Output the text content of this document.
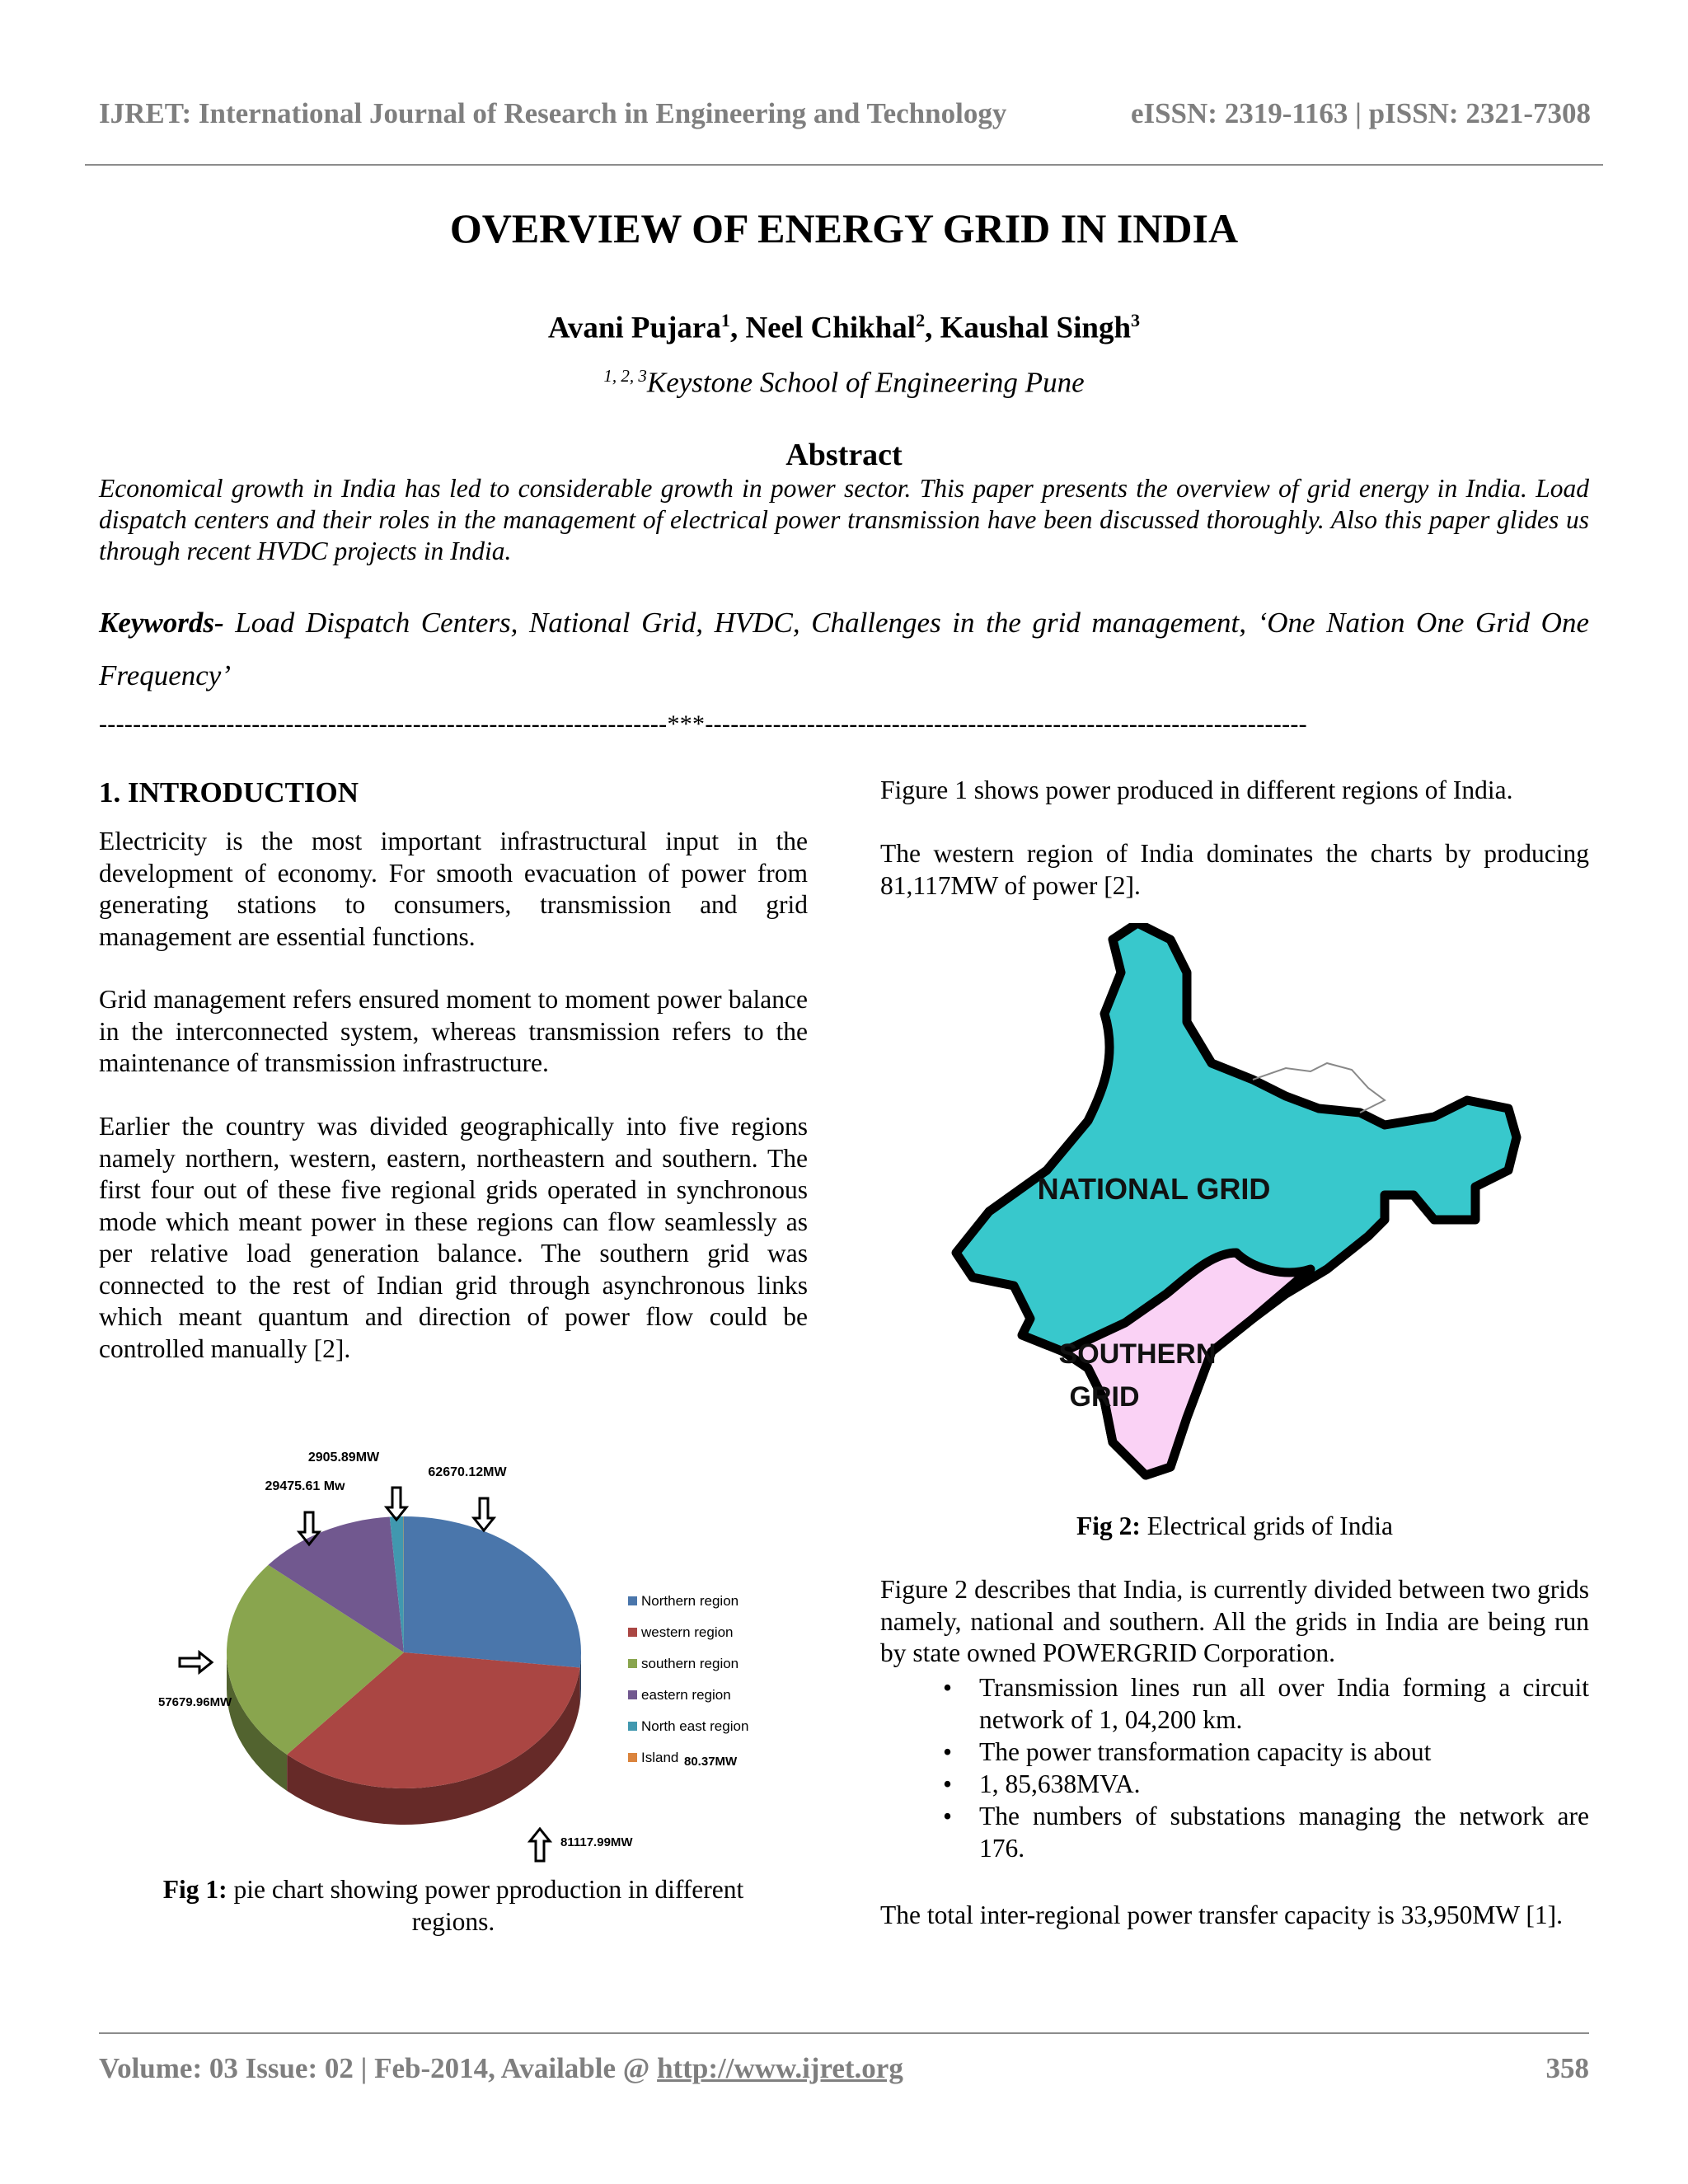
IJRET: International Journal of Research in Engineering and Technology	eISSN: 2319-1163 | pISSN: 2321-7308
OVERVIEW OF ENERGY GRID IN INDIA
Avani Pujara$^1$, Neel Chikhal$^2$, Kaushal Singh$^3$
$^{1, 2, 3}$Keystone School of Engineering Pune
Abstract
Economical growth in India has led to considerable growth in power sector. This paper presents the overview of grid energy in India. Load dispatch centers and their roles in the management of electrical power transmission have been discussed thoroughly. Also this paper glides us through recent HVDC projects in India.
Keywords- Load Dispatch Centers, National Grid, HVDC, Challenges in the grid management, ‘One Nation One Grid One Frequency’
-------------------------------------------------------------------***-----------------------------------------------------------------------
1. INTRODUCTION
Electricity is the most important infrastructural input in the development of economy. For smooth evacuation of power from generating stations to consumers, transmission and grid management are essential functions.
Grid management refers ensured moment to moment power balance in the interconnected system, whereas transmission refers to the maintenance of transmission infrastructure.
Earlier the country was divided geographically into five regions namely northern, western, eastern, northeastern and southern. The first four out of these five regional grids operated in synchronous mode which meant power in these regions can flow seamlessly as per relative load generation balance. The southern grid was connected to the rest of Indian grid through asynchronous links which meant quantum and direction of power flow could be controlled manually [2].
2905.89MW
62670.12MW
29475.61 Mw
57679.96MW
81117.99MW
Northern region
western region
southern region
eastern region
North east region
Island 80.37MW
Fig 1: pie chart showing power pproduction in different regions.
Figure 1 shows power produced in different regions of India.
The western region of India dominates the charts by producing 81,117MW of power [2].
NATIONAL GRID
SOUTHERN
GRID
Fig 2: Electrical grids of India
Figure 2 describes that India, is currently divided between two grids namely, national and southern. All the grids in India are being run by state owned POWERGRID Corporation.
• Transmission lines run all over India forming a circuit network of 1, 04,200 km.
• The power transformation capacity is about
• 1, 85,638MVA.
• The numbers of substations managing the network are 176.
The total inter-regional power transfer capacity is 33,950MW [1].
Volume: 03 Issue: 02 | Feb-2014, Available @ http://www.ijret.org	358
